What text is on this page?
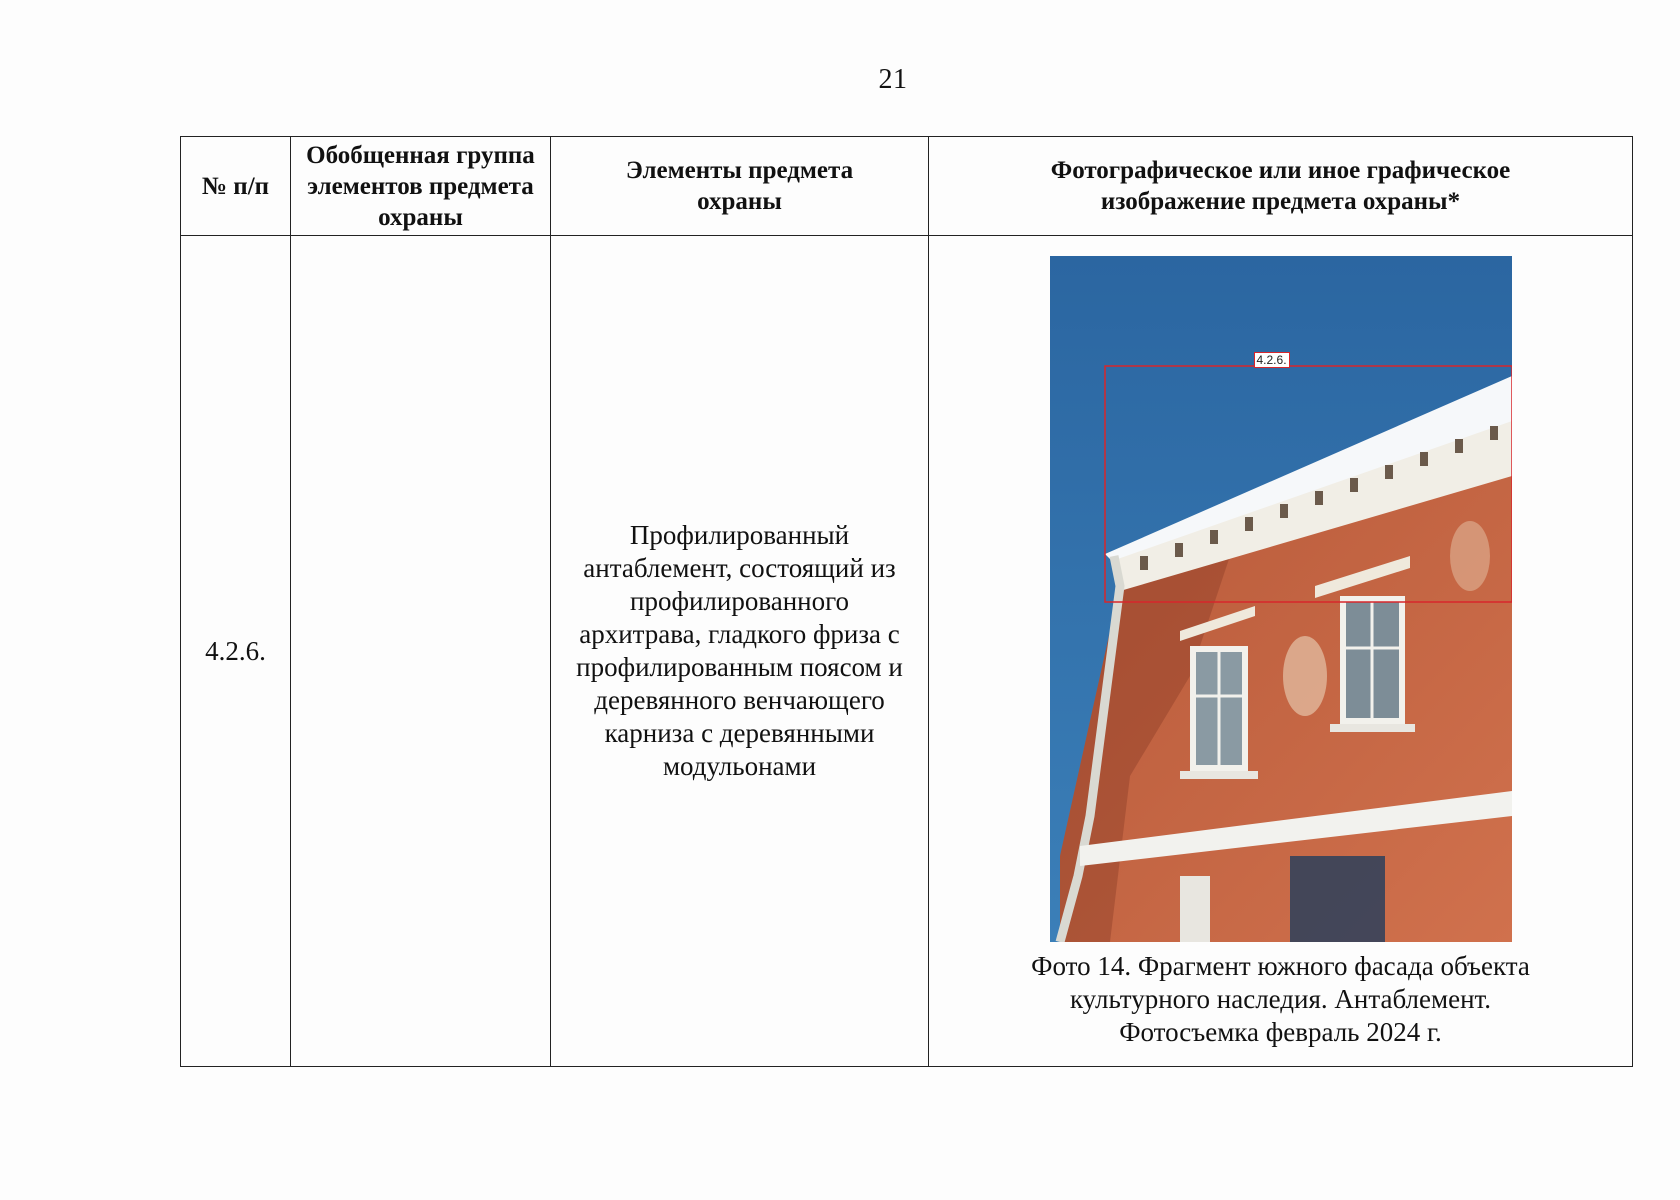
21
№ п/п	Обобщенная группа элементов предмета охраны	Элементы предмета охраны	Фотографическое или иное графическое изображение предмета охраны*
4.2.6.		Профилированный антаблемент, состоящий из профилированного архитрава, гладкого фриза с профилированным поясом и деревянного венчающего карниза с деревянными модульонами	4.2.6.
Фото 14. Фрагмент южного фасада объекта
культурного наследия. Антаблемент.
Фотосъемка февраль 2024 г.
